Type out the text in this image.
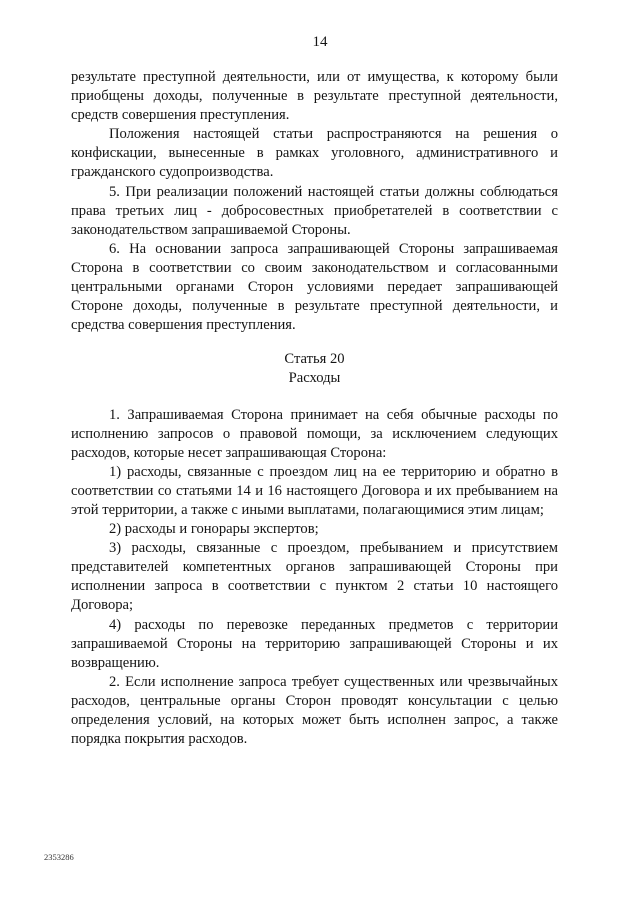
14

результате преступной деятельности, или от имущества, к которому были приобщены доходы, полученные в результате преступной деятельности, средств совершения преступления.

Положения настоящей статьи распространяются на решения о конфискации, вынесенные в рамках уголовного, административного и гражданского судопроизводства.

5. При реализации положений настоящей статьи должны соблюдаться права третьих лиц - добросовестных приобретателей в соответствии с законодательством запрашиваемой Стороны.

6. На основании запроса запрашивающей Стороны запрашиваемая Сторона в соответствии со своим законодательством и согласованными центральными органами Сторон условиями передает запрашивающей Стороне доходы, полученные в результате преступной деятельности, и средства совершения преступления.

Статья 20
Расходы

1. Запрашиваемая Сторона принимает на себя обычные расходы по исполнению запросов о правовой помощи, за исключением следующих расходов, которые несет запрашивающая Сторона:

1) расходы, связанные с проездом лиц на ее территорию и обратно в соответствии со статьями 14 и 16 настоящего Договора и их пребыванием на этой территории, а также с иными выплатами, полагающимися этим лицам;

2) расходы и гонорары экспертов;

3) расходы, связанные с проездом, пребыванием и присутствием представителей компетентных органов запрашивающей Стороны при исполнении запроса в соответствии с пунктом 2 статьи 10 настоящего Договора;

4) расходы по перевозке переданных предметов с территории запрашиваемой Стороны на территорию запрашивающей Стороны и их возвращению.

2. Если исполнение запроса требует существенных или чрезвычайных расходов, центральные органы Сторон проводят консультации с целью определения условий, на которых может быть исполнен запрос, а также порядка покрытия расходов.

2353286
